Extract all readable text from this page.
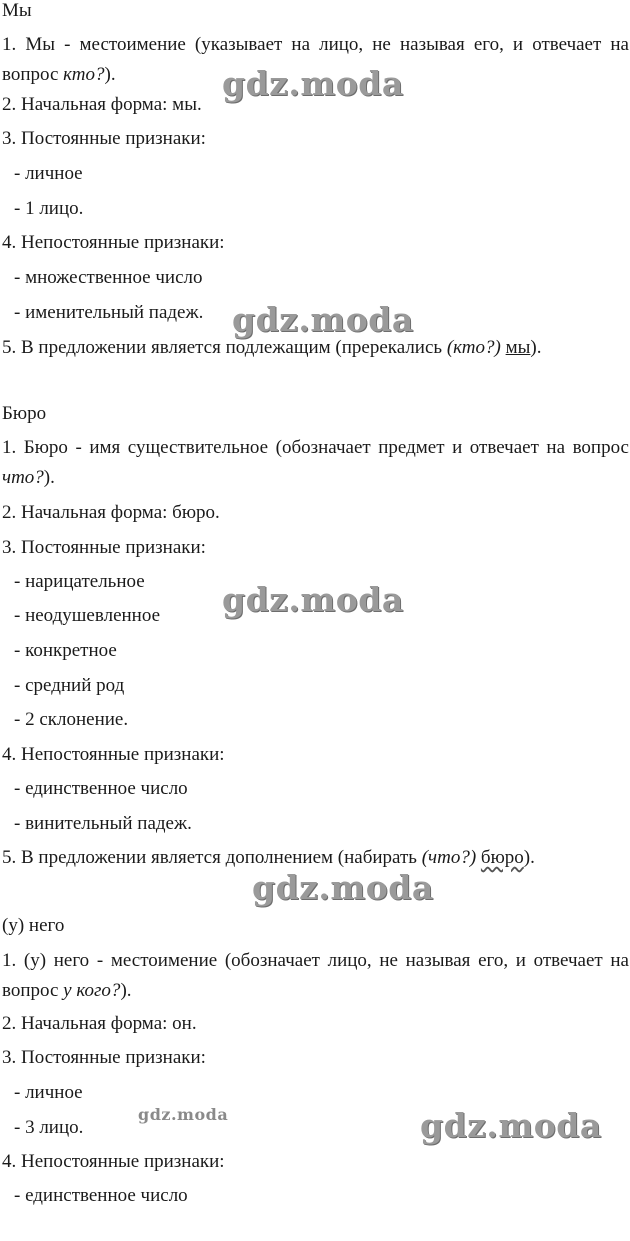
Мы
1. Мы - местоимение (указывает на лицо, не называя его, и отвечает на вопрос кто?).
2. Начальная форма: мы.
3. Постоянные признаки:
- личное
- 1 лицо.
4. Непостоянные признаки:
- множественное число
- именительный падеж.
5. В предложении является подлежащим (пререкались (кто?) мы).
Бюро
1. Бюро - имя существительное (обозначает предмет и отвечает на вопрос что?).
2. Начальная форма: бюро.
3. Постоянные признаки:
- нарицательное
- неодушевленное
- конкретное
- средний род
- 2 склонение.
4. Непостоянные признаки:
- единственное число
- винительный падеж.
5. В предложении является дополнением (набирать (что?) бюро).
(у) него
1. (у) него - местоимение (обозначает лицо, не называя его, и отвечает на вопрос у кого?).
2. Начальная форма: он.
3. Постоянные признаки:
- личное
- 3 лицо.
4. Непостоянные признаки:
- единственное число
gdz.moda
gdz.moda
gdz.moda
gdz.moda
gdz.moda	gdz.moda
